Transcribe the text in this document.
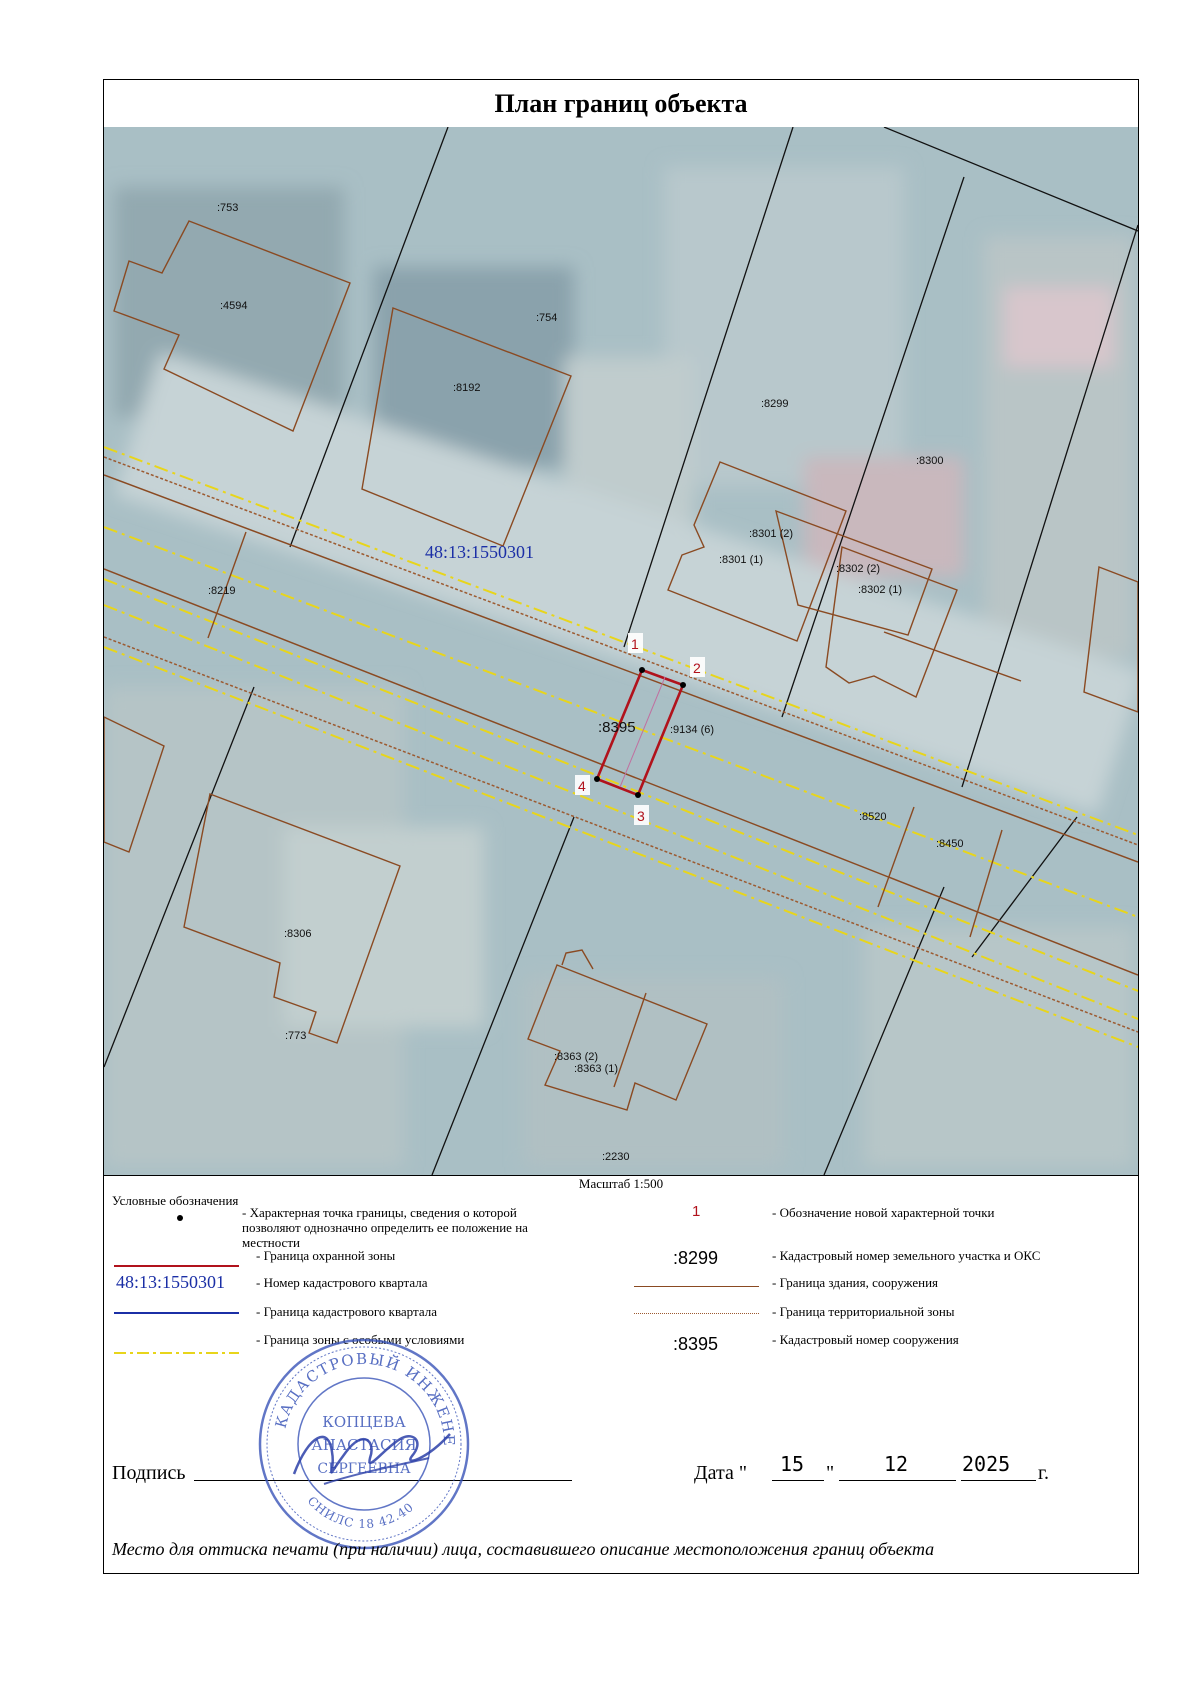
План границ объекта
1
2
3
4
:753
:4594
:754
:8192
:8299
:8300
:8301 (2)
:8301 (1)
:8302 (2)
:8302 (1)
:8219
:9134 (6)
:8520
:8450
:8306
:773
:8363 (2)
:8363 (1)
:2230
:8395
48:13:1550301
Масштаб 1:500
Условные обозначения
- Характерная точка границы, сведения о которой позволяют однозначно определить ее положение на местности
- Граница охранной зоны
48:13:1550301 - Номер кадастрового квартала
- Граница кадастрового квартала
- Граница зоны с особыми условиями
1	- Обозначение новой характерной точки
:8299	- Кадастровый номер земельного участка и ОКС
- Граница здания, сооружения
- Граница территориальной зоны
:8395	- Кадастровый номер сооружения
Подпись	Дата " 15 " 12	2025 г.
КАДАСТРОВЫЙ ИНЖЕНЕ
СНИЛС 18 42.40
КОПЦЕВА
АНАСТАСИЯ
СЕРГЕЕВНА
Место для оттиска печати (при наличии) лица, составившего описание местоположения границ объекта
